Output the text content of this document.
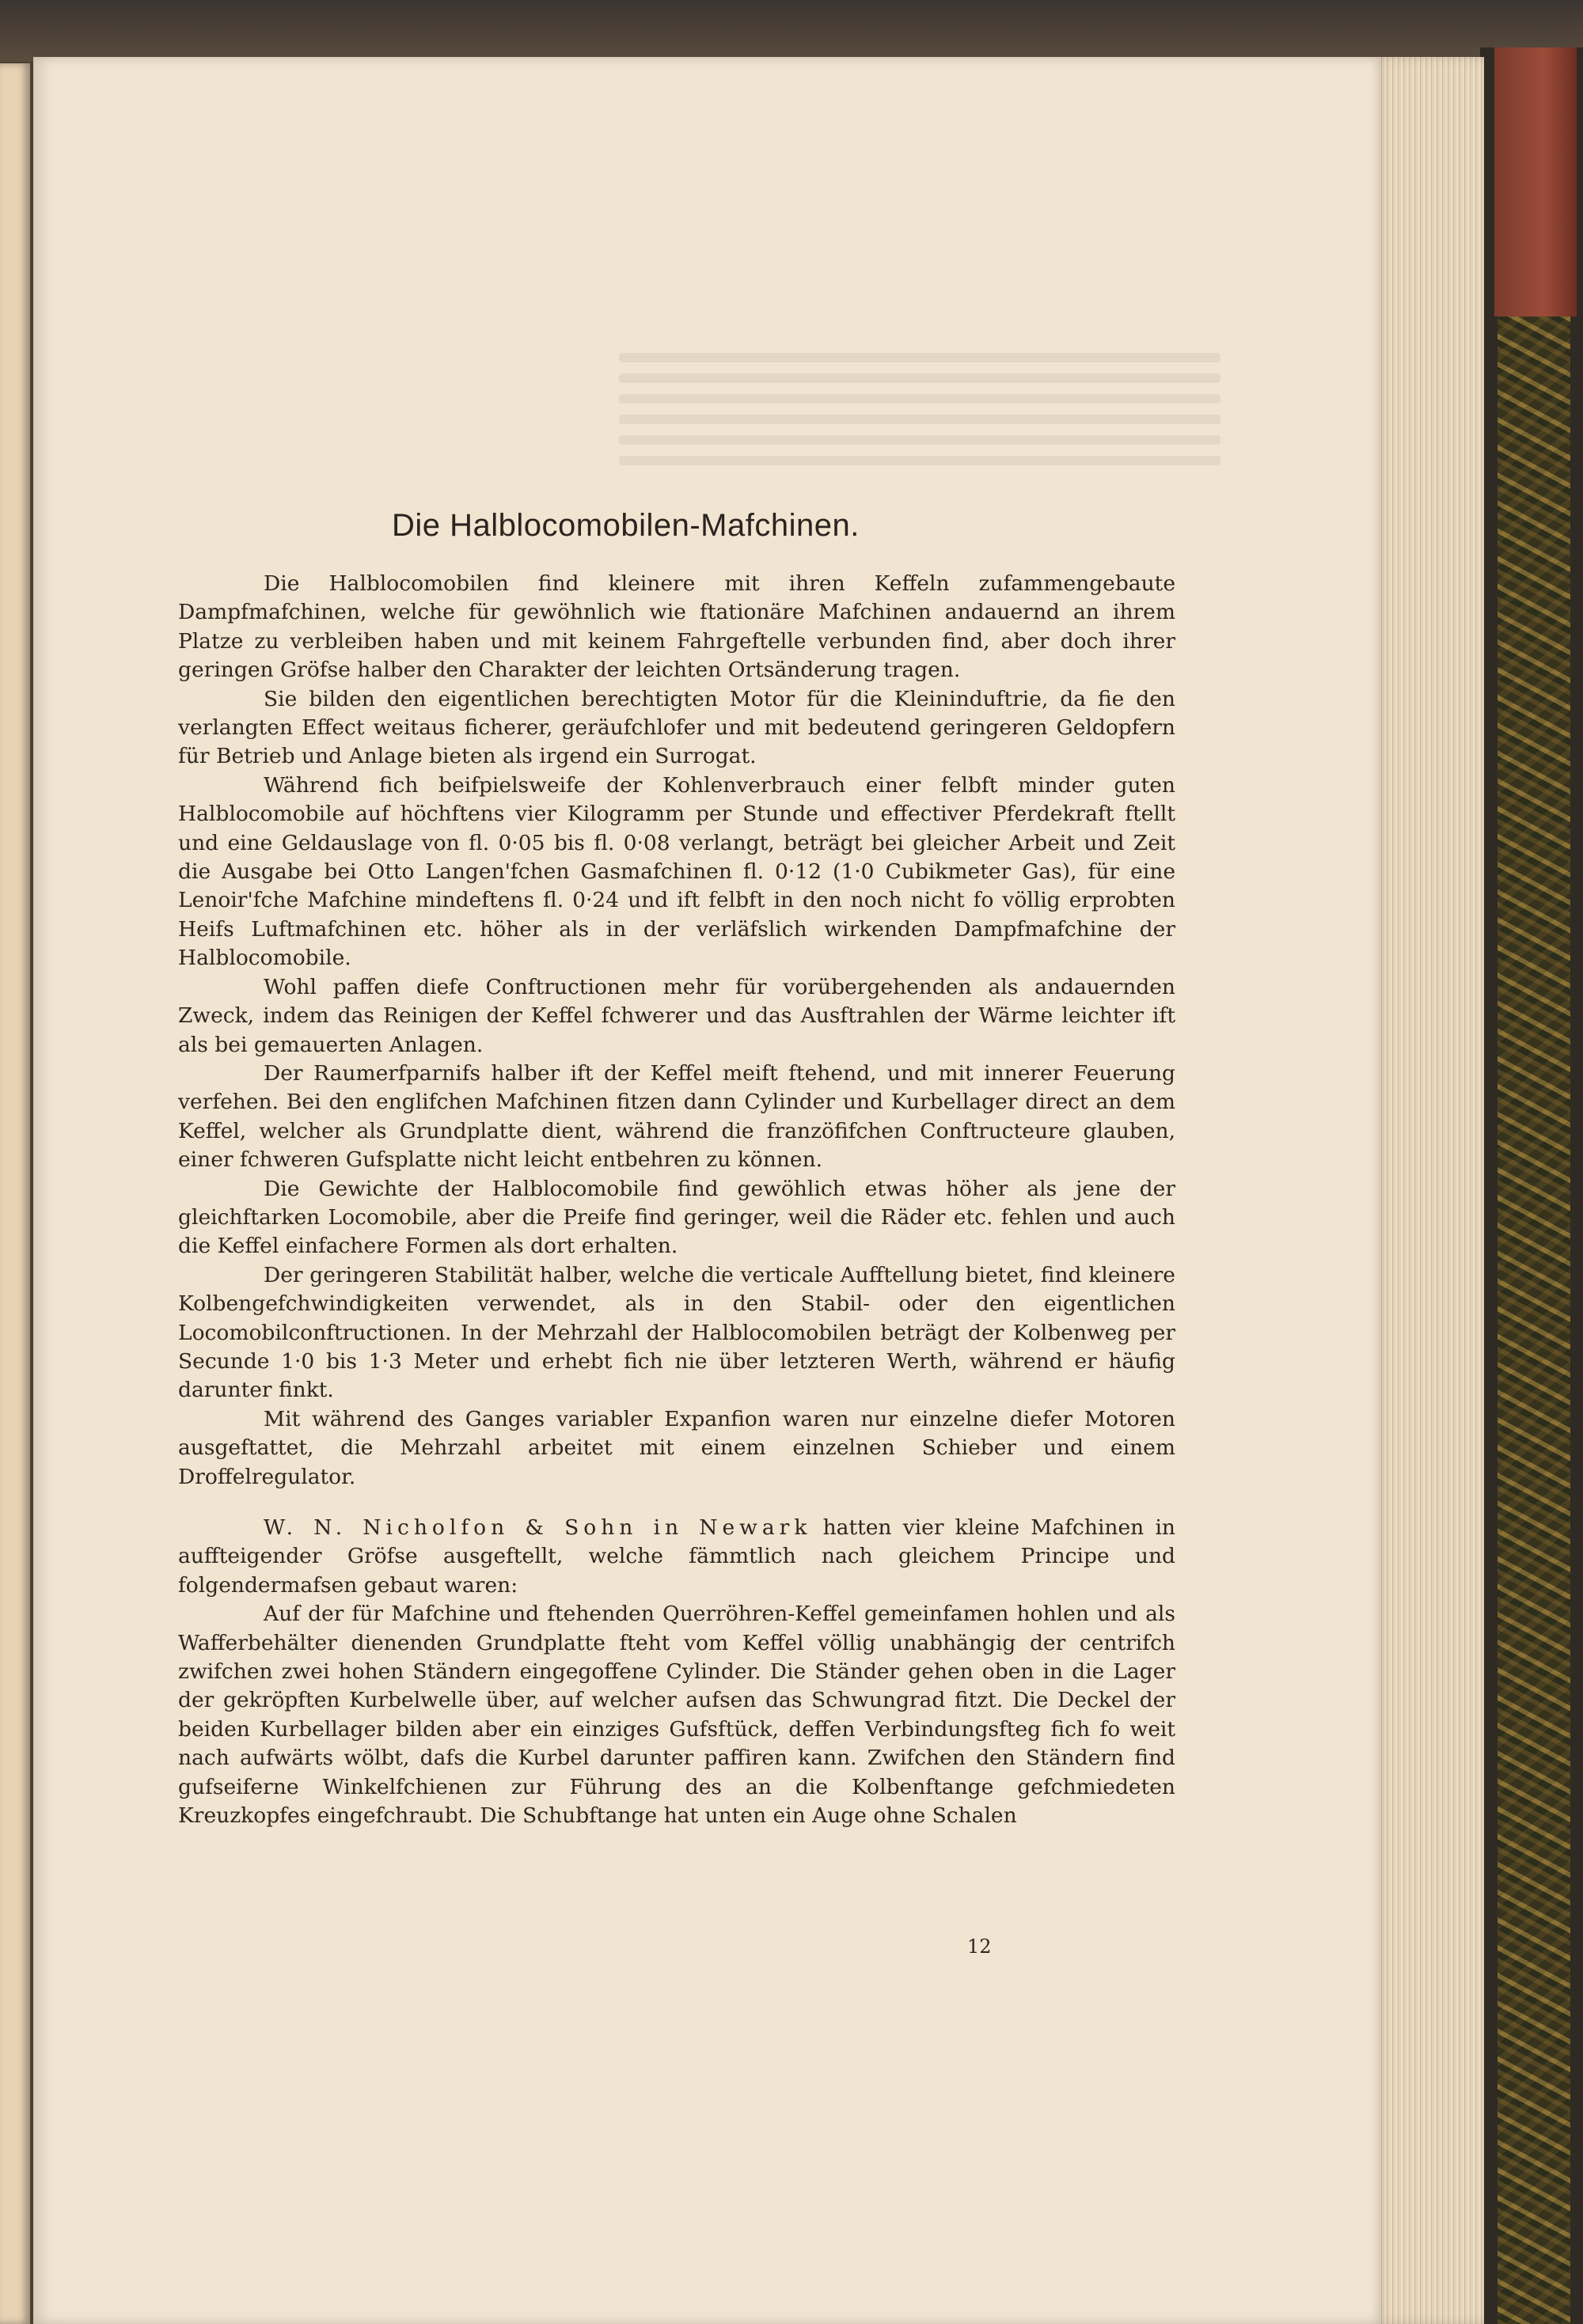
Die Halblocomobilen-Mafchinen.

Die Halblocomobilen find kleinere mit ihren Keffeln zufammengebaute Dampfmafchinen, welche für gewöhnlich wie ftationäre Mafchinen andauernd an ihrem Platze zu verbleiben haben und mit keinem Fahrgeftelle verbunden find, aber doch ihrer geringen Gröfse halber den Charakter der leichten Ortsänderung tragen.

Sie bilden den eigentlichen berechtigten Motor für die Kleininduftrie, da fie den verlangten Effect weitaus ficherer, geräufchlofer und mit bedeutend geringeren Geldopfern für Betrieb und Anlage bieten als irgend ein Surrogat.

Während fich beifpielsweife der Kohlenverbrauch einer felbft minder guten Halblocomobile auf höchftens vier Kilogramm per Stunde und effectiver Pferdekraft ftellt und eine Geldauslage von fl. 0·05 bis fl. 0·08 verlangt, beträgt bei gleicher Arbeit und Zeit die Ausgabe bei Otto Langen'fchen Gasmafchinen fl. 0·12 (1·0 Cubikmeter Gas), für eine Lenoir'fche Mafchine mindeftens fl. 0·24 und ift felbft in den noch nicht fo völlig erprobten Heifs Luftmafchinen etc. höher als in der verläfslich wirkenden Dampfmafchine der Halblocomobile.

Wohl paffen diefe Conftructionen mehr für vorübergehenden als andauernden Zweck, indem das Reinigen der Keffel fchwerer und das Ausftrahlen der Wärme leichter ift als bei gemauerten Anlagen.

Der Raumerfparnifs halber ift der Keffel meift ftehend, und mit innerer Feuerung verfehen. Bei den englifchen Mafchinen fitzen dann Cylinder und Kurbellager direct an dem Keffel, welcher als Grundplatte dient, während die franzöfifchen Conftructeure glauben, einer fchweren Gufsplatte nicht leicht entbehren zu können.

Die Gewichte der Halblocomobile find gewöhlich etwas höher als jene der gleichftarken Locomobile, aber die Preife find geringer, weil die Räder etc. fehlen und auch die Keffel einfachere Formen als dort erhalten.

Der geringeren Stabilität halber, welche die verticale Aufftellung bietet, find kleinere Kolbengefchwindigkeiten verwendet, als in den Stabil- oder den eigentlichen Locomobilconftructionen. In der Mehrzahl der Halblocomobilen beträgt der Kolbenweg per Secunde 1·0 bis 1·3 Meter und erhebt fich nie über letzteren Werth, während er häufig darunter finkt.

Mit während des Ganges variabler Expanfion waren nur einzelne diefer Motoren ausgeftattet, die Mehrzahl arbeitet mit einem einzelnen Schieber und einem Droffelregulator.

W. N. Nicholfon & Sohn in Newark hatten vier kleine Mafchinen in auffteigender Gröfse ausgeftellt, welche fämmtlich nach gleichem Principe und folgendermafsen gebaut waren:

Auf der für Mafchine und ftehenden Querröhren-Keffel gemeinfamen hohlen und als Wafferbehälter dienenden Grundplatte fteht vom Keffel völlig unabhängig der centrifch zwifchen zwei hohen Ständern eingegoffene Cylinder. Die Ständer gehen oben in die Lager der gekröpften Kurbelwelle über, auf welcher aufsen das Schwungrad fitzt. Die Deckel der beiden Kurbellager bilden aber ein einziges Gufsftück, deffen Verbindungsfteg fich fo weit nach aufwärts wölbt, dafs die Kurbel darunter paffiren kann. Zwifchen den Ständern find gufseiferne Winkelfchienen zur Führung des an die Kolbenftange gefchmiedeten Kreuzkopfes eingefchraubt. Die Schubftange hat unten ein Auge ohne Schalen

12
